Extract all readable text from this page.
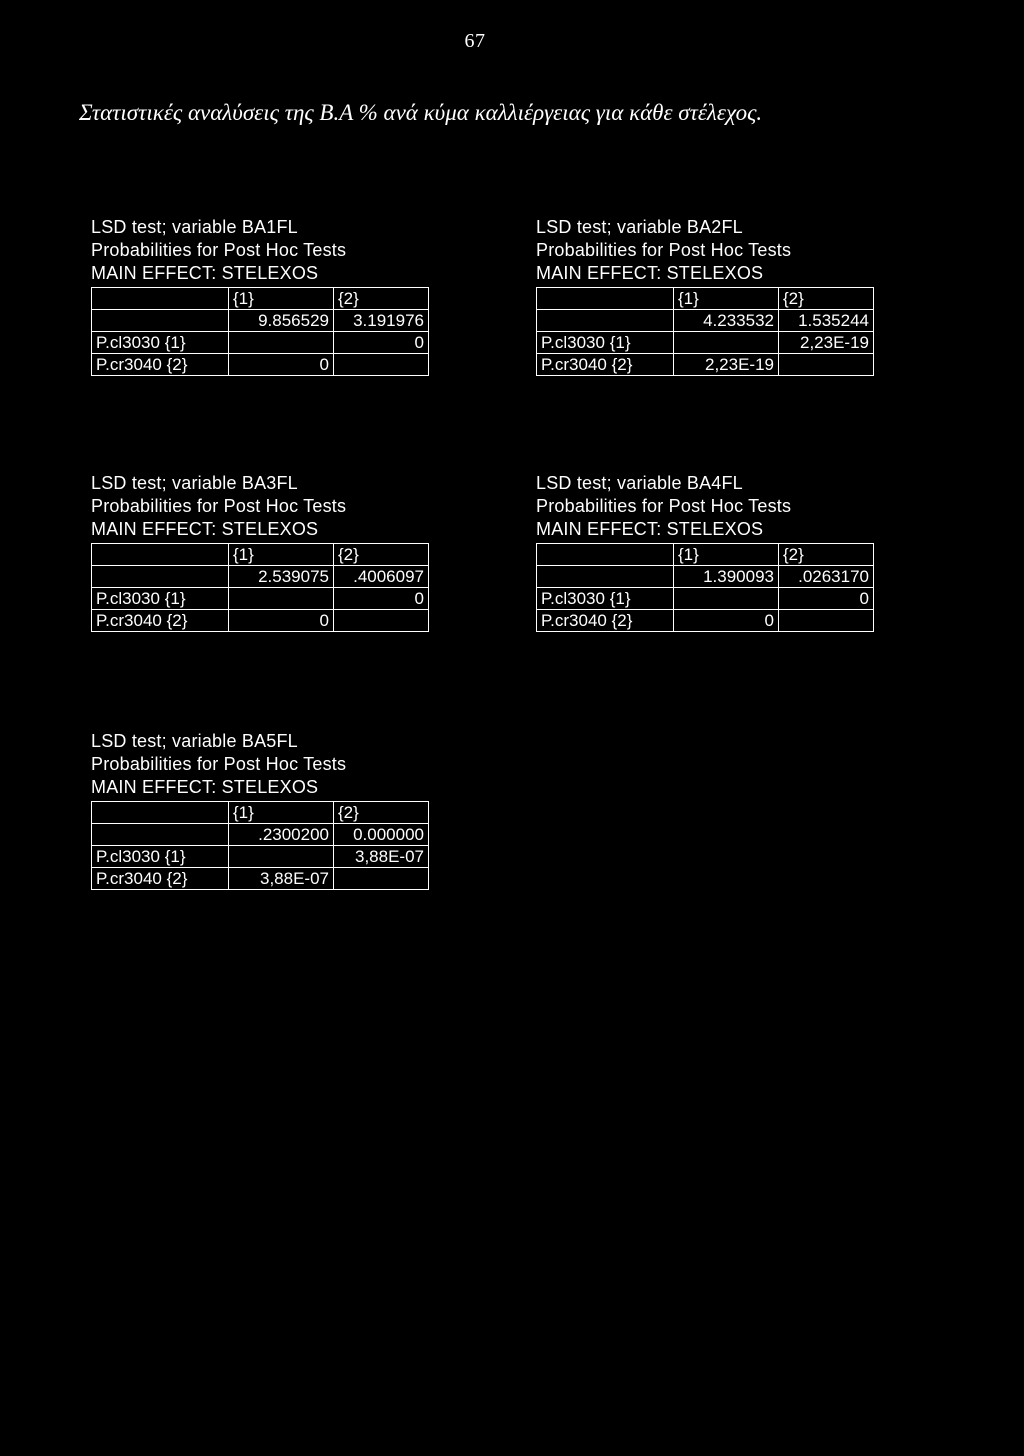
67
Στατιστικές αναλύσεις της B.A % ανά κύμα καλλιέργειας για κάθε στέλεχος.
LSD test; variable BA1FL
Probabilities for Post Hoc Tests
MAIN EFFECT: STELEXOS
	{1}	{2}
	9.856529	3.191976
P.cl3030 {1}		0
P.cr3040 {2}	0	
LSD test; variable BA2FL
Probabilities for Post Hoc Tests
MAIN EFFECT: STELEXOS
	{1}	{2}
	4.233532	1.535244
P.cl3030 {1}		2,23E-19
P.cr3040 {2}	2,23E-19	
LSD test; variable BA3FL
Probabilities for Post Hoc Tests
MAIN EFFECT: STELEXOS
	{1}	{2}
	2.539075	.4006097
P.cl3030 {1}		0
P.cr3040 {2}	0	
LSD test; variable BA4FL
Probabilities for Post Hoc Tests
MAIN EFFECT: STELEXOS
	{1}	{2}
	1.390093	.0263170
P.cl3030 {1}		0
P.cr3040 {2}	0	
LSD test; variable BA5FL
Probabilities for Post Hoc Tests
MAIN EFFECT: STELEXOS
	{1}	{2}
	.2300200	0.000000
P.cl3030 {1}		3,88E-07
P.cr3040 {2}	3,88E-07	
